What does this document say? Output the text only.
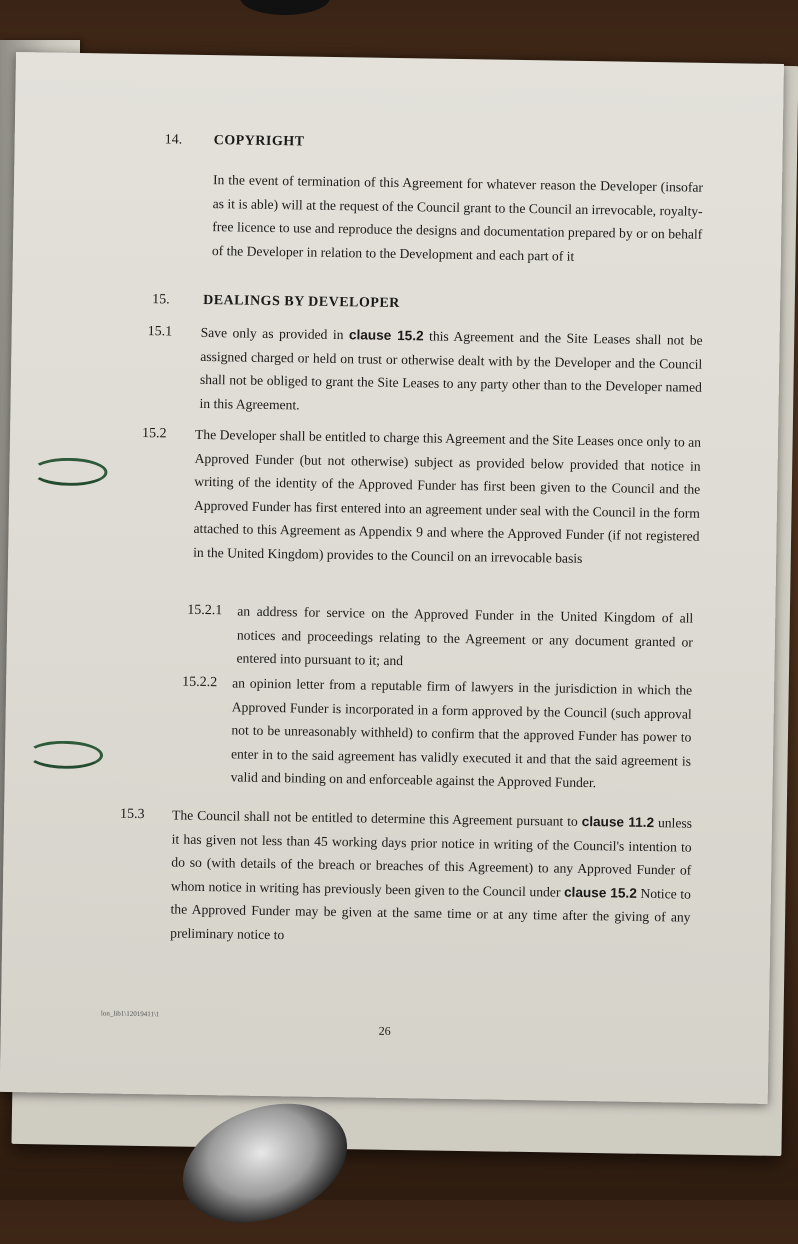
14. COPYRIGHT
In the event of termination of this Agreement for whatever reason the Developer (insofar as it is able) will at the request of the Council grant to the Council an irrevocable, royalty-free licence to use and reproduce the designs and documentation prepared by or on behalf of the Developer in relation to the Development and each part of it
15. DEALINGS BY DEVELOPER
15.1 Save only as provided in clause 15.2 this Agreement and the Site Leases shall not be assigned charged or held on trust or otherwise dealt with by the Developer and the Council shall not be obliged to grant the Site Leases to any party other than to the Developer named in this Agreement.
15.2 The Developer shall be entitled to charge this Agreement and the Site Leases once only to an Approved Funder (but not otherwise) subject as provided below provided that notice in writing of the identity of the Approved Funder has first been given to the Council and the Approved Funder has first entered into an agreement under seal with the Council in the form attached to this Agreement as Appendix 9 and where the Approved Funder (if not registered in the United Kingdom) provides to the Council on an irrevocable basis
15.2.1 an address for service on the Approved Funder in the United Kingdom of all notices and proceedings relating to the Agreement or any document granted or entered into pursuant to it; and
15.2.2 an opinion letter from a reputable firm of lawyers in the jurisdiction in which the Approved Funder is incorporated in a form approved by the Council (such approval not to be unreasonably withheld) to confirm that the approved Funder has power to enter in to the said agreement has validly executed it and that the said agreement is valid and binding on and enforceable against the Approved Funder.
15.3 The Council shall not be entitled to determine this Agreement pursuant to clause 11.2 unless it has given not less than 45 working days prior notice in writing of the Council's intention to do so (with details of the breach or breaches of this Agreement) to any Approved Funder of whom notice in writing has previously been given to the Council under clause 15.2 Notice to the Approved Funder may be given at the same time or at any time after the giving of any preliminary notice to
lon_lib1\12019411\1
26
